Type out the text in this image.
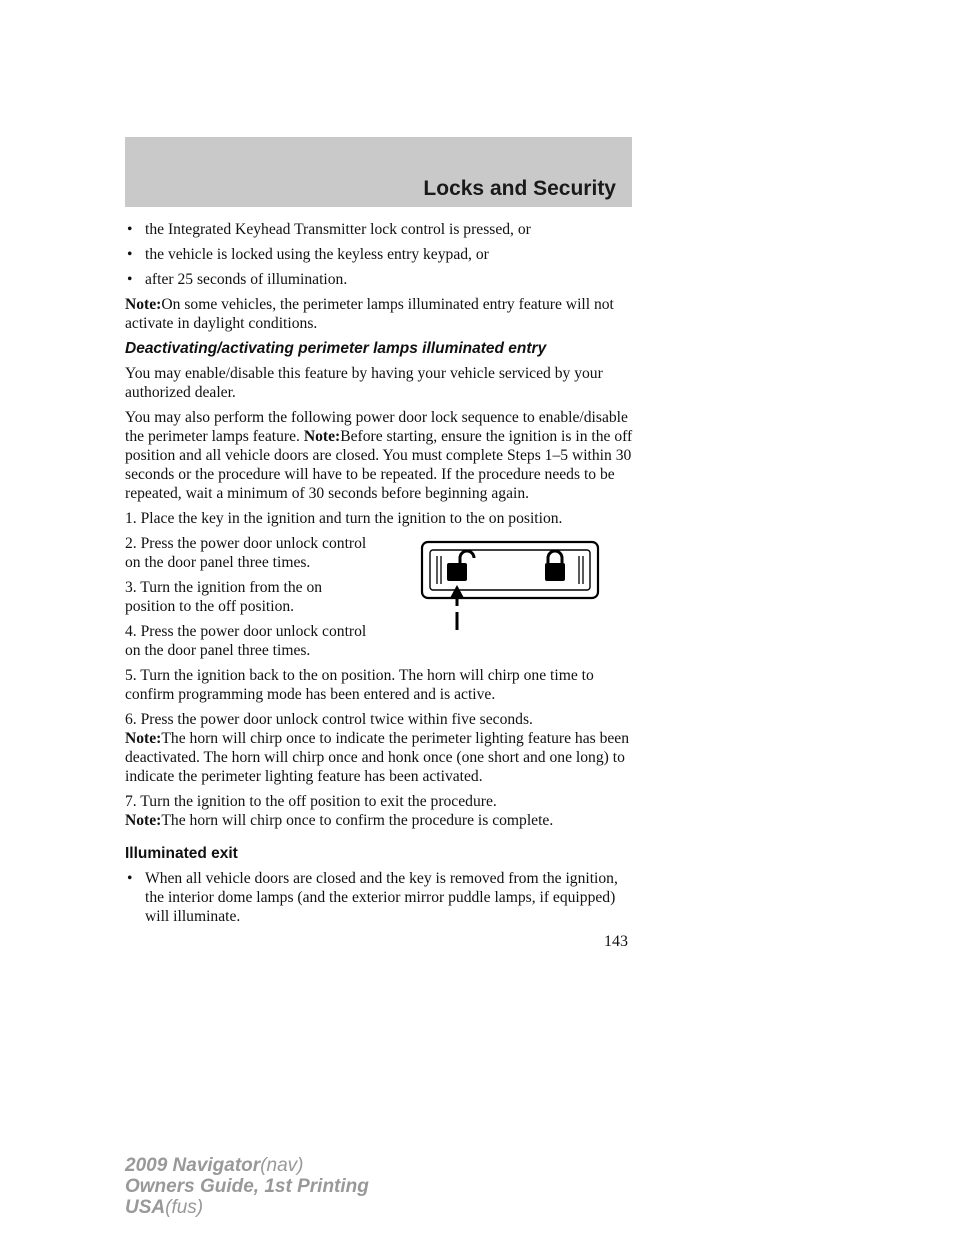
Locks and Security
• the Integrated Keyhead Transmitter lock control is pressed, or
• the vehicle is locked using the keyless entry keypad, or
• after 25 seconds of illumination.

Note:On some vehicles, the perimeter lamps illuminated entry feature will not activate in daylight conditions.

Deactivating/activating perimeter lamps illuminated entry

You may enable/disable this feature by having your vehicle serviced by your authorized dealer.

You may also perform the following power door lock sequence to enable/disable the perimeter lamps feature. Note:Before starting, ensure the ignition is in the off position and all vehicle doors are closed. You must complete Steps 1–5 within 30 seconds or the procedure will have to be repeated. If the procedure needs to be repeated, wait a minimum of 30 seconds before beginning again.

1. Place the key in the ignition and turn the ignition to the on position.

2. Press the power door unlock control on the door panel three times.

3. Turn the ignition from the on position to the off position.

4. Press the power door unlock control on the door panel three times.

5. Turn the ignition back to the on position. The horn will chirp one time to confirm programming mode has been entered and is active.

6. Press the power door unlock control twice within five seconds.

Note:The horn will chirp once to indicate the perimeter lighting feature has been deactivated. The horn will chirp once and honk once (one short and one long) to indicate the perimeter lighting feature has been activated.

7. Turn the ignition to the off position to exit the procedure.

Note:The horn will chirp once to confirm the procedure is complete.

Illuminated exit
• When all vehicle doors are closed and the key is removed from the ignition, the interior dome lamps (and the exterior mirror puddle lamps, if equipped) will illuminate.
143
2009 Navigator(nav)
Owners Guide, 1st Printing
USA(fus)
